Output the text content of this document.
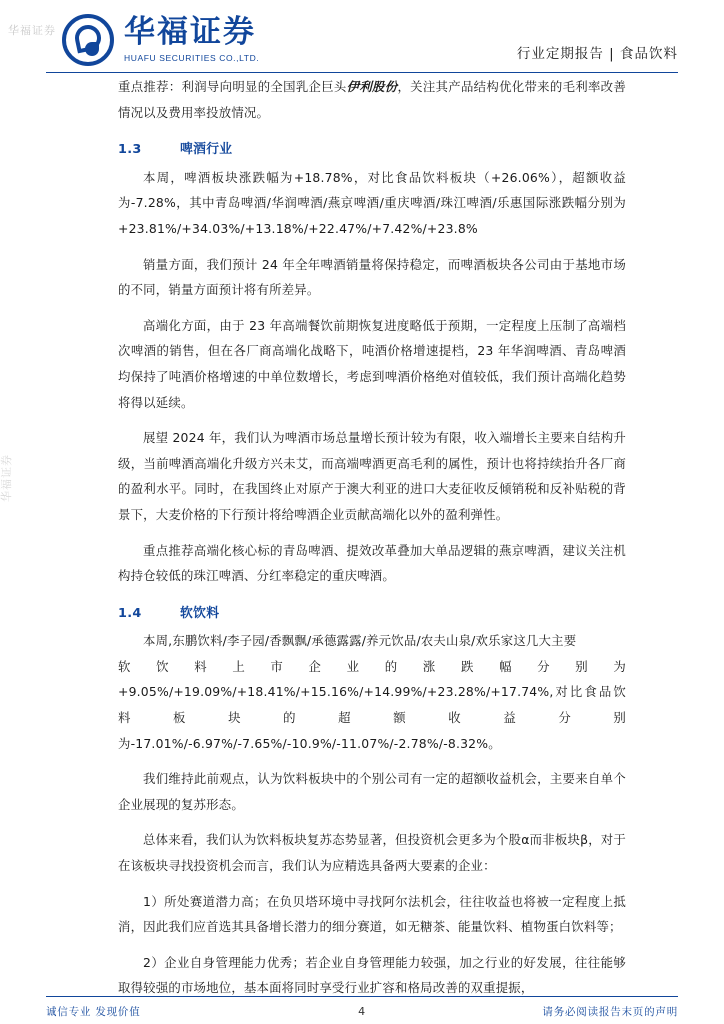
华福证券 华福证券
HUAFU SECURITIES CO.,LTD.	行业定期报告 | 食品饮料
华福证券

重点推荐：利润导向明显的全国乳企巨头伊利股份，关注其产品结构优化带来的毛利率改善情况以及费用率投放情况。

1.3	啤酒行业

本周，啤酒板块涨跌幅为+18.78%，对比食品饮料板块（+26.06%），超额收益为-7.28%，其中青岛啤酒/华润啤酒/燕京啤酒/重庆啤酒/珠江啤酒/乐惠国际涨跌幅分别为+23.81%/+34.03%/+13.18%/+22.47%/+7.42%/+23.8%

销量方面，我们预计 24 年全年啤酒销量将保持稳定，而啤酒板块各公司由于基地市场的不同，销量方面预计将有所差异。

高端化方面，由于 23 年高端餐饮前期恢复进度略低于预期，一定程度上压制了高端档次啤酒的销售，但在各厂商高端化战略下，吨酒价格增速提档，23 年华润啤酒、青岛啤酒均保持了吨酒价格增速的中单位数增长，考虑到啤酒价格绝对值较低，我们预计高端化趋势将得以延续。

展望 2024 年，我们认为啤酒市场总量增长预计较为有限，收入端增长主要来自结构升级，当前啤酒高端化升级方兴未艾，而高端啤酒更高毛利的属性，预计也将持续抬升各厂商的盈利水平。同时，在我国终止对原产于澳大利亚的进口大麦征收反倾销税和反补贴税的背景下，大麦价格的下行预计将给啤酒企业贡献高端化以外的盈利弹性。

重点推荐高端化核心标的青岛啤酒、提效改革叠加大单品逻辑的燕京啤酒，建议关注机构持仓较低的珠江啤酒、分红率稳定的重庆啤酒。

1.4	软饮料

本周,东鹏饮料/李子园/香飘飘/承德露露/养元饮品/农夫山泉/欢乐家这几大主要

软 饮 料 上 市 企 业 的 涨 跌 幅 分 别 为

+9.05%/+19.09%/+18.41%/+15.16%/+14.99%/+23.28%/+17.74%,对比食品饮料板块的超额收益分别为-17.01%/-6.97%/-7.65%/-10.9%/-11.07%/-2.78%/-8.32%。

我们维持此前观点，认为饮料板块中的个别公司有一定的超额收益机会，主要来自单个企业展现的复苏形态。

总体来看，我们认为饮料板块复苏态势显著，但投资机会更多为个股α而非板块β，对于在该板块寻找投资机会而言，我们认为应精选具备两大要素的企业：

1）所处赛道潜力高；在负贝塔环境中寻找阿尔法机会，往往收益也将被一定程度上抵消，因此我们应首选其具备增长潜力的细分赛道，如无糖茶、能量饮料、植物蛋白饮料等；

2）企业自身管理能力优秀；若企业自身管理能力较强，加之行业的好发展，往往能够取得较强的市场地位，基本面将同时享受行业扩容和格局改善的双重提振，

诚信专业 发现价值	4	请务必阅读报告末页的声明
